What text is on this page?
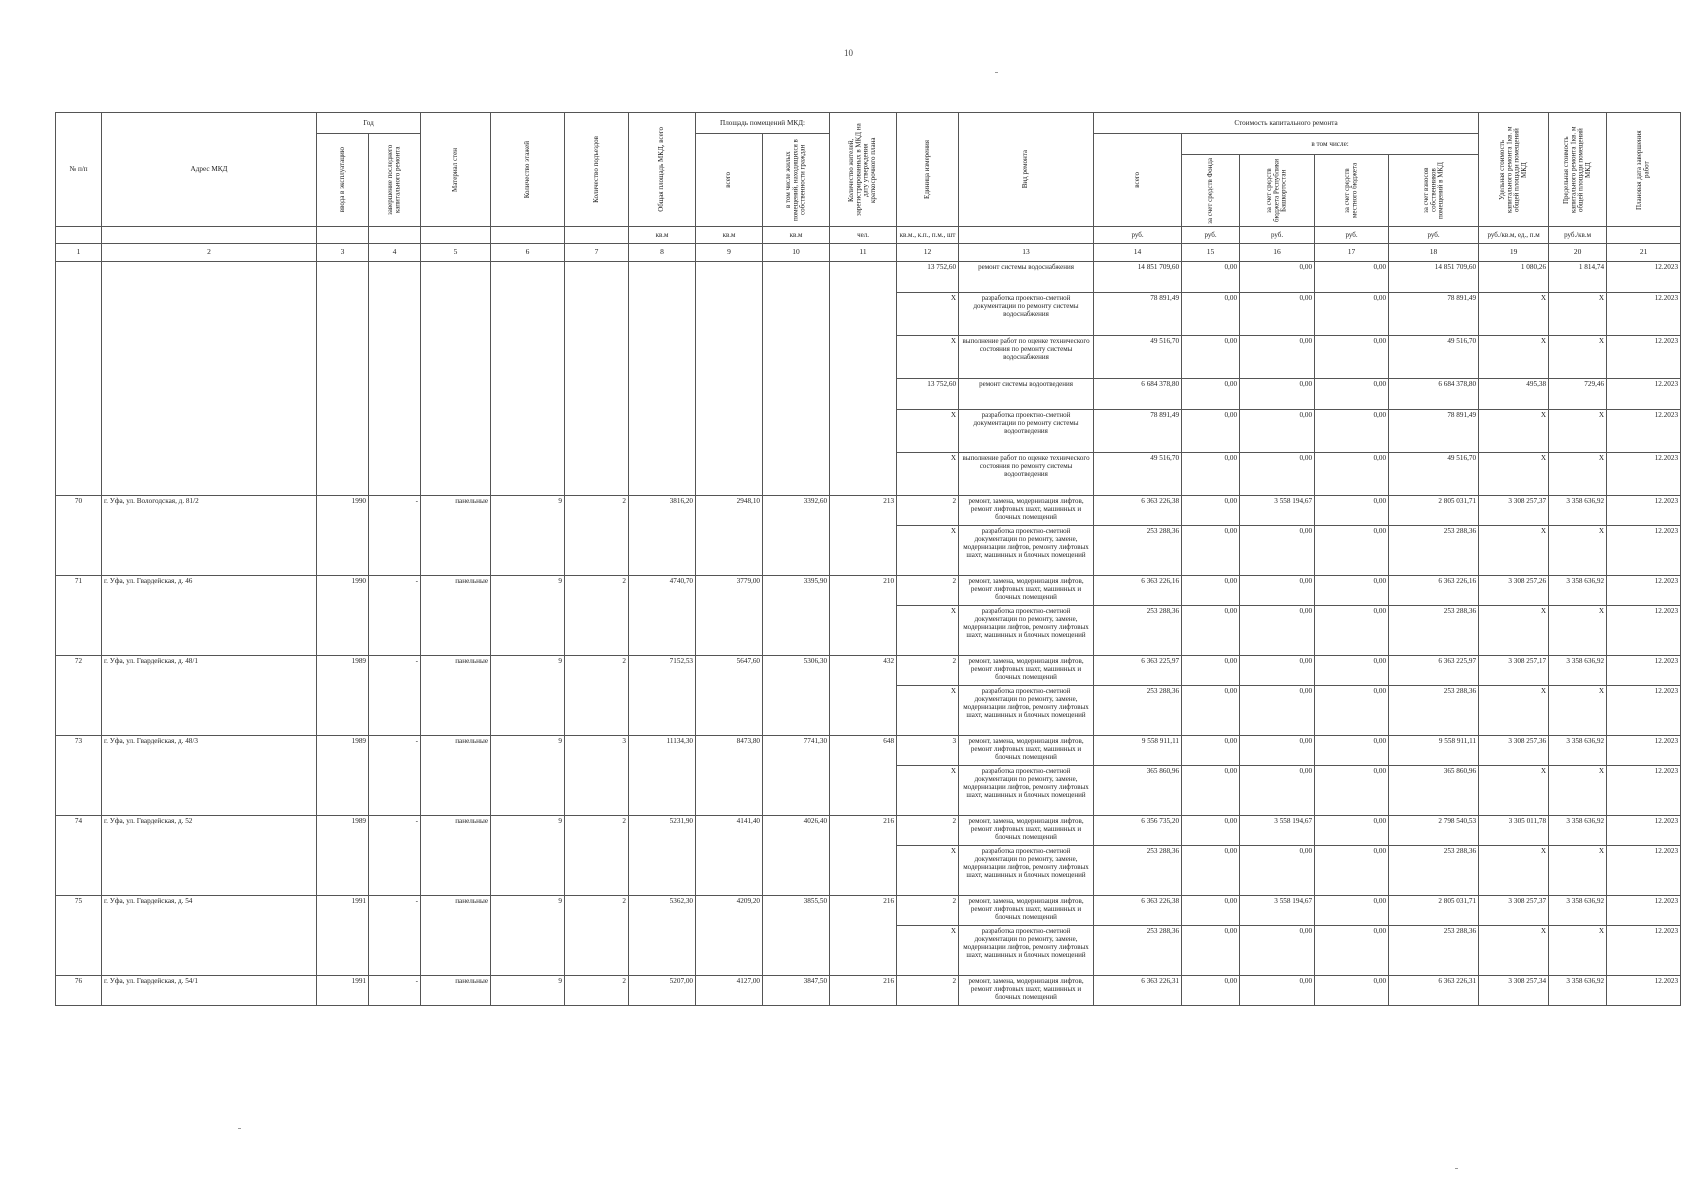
10
№ п/п	Адрес МКД	Год		Материал стен	Количество этажей	Количество подъездов	Общая площадь МКД, всего	Площадь помещений МКД:		Количество жителей, зарегистрированных в МКД на дату утверждения краткосрочного плана	Единица измерения	Вид ремонта	Стоимость капитального ремонта					Удельная стоимость капитального ремонта 1кв. м общей площади помещений МКД	Предельная стоимость капитального ремонта 1кв. м общей площади помещений МКД	Плановая дата завершения работ

		ввода в эксплуатацию	завершение последнего капитального ремонта					всего	в том числе жилых помещений, находящихся в собственности граждан				всего	в том числе:						

														за счет средств Фонда	за счет средств бюджета Республики Башкортостан	за счет средств местного бюджета	за счет взносов собственников помещений в МКД			

							кв.м	кв.м	кв.м	чел.	кв.м., к.п., п.м., шт		руб.	руб.	руб.	руб.	руб.	руб./кв.м, ед., п.м	руб./кв.м	
1	2	3	4	5	6	7	8	9	10	11	12	13	14	15	16	17	18	19	20	21
											13 752,60	ремонт системы водоснабжения	14 851 709,60	0,00	0,00	0,00	14 851 709,60	1 080,26	1 814,74	12.2023
											X	разработка проектно-сметной документации по ремонту системы водоснабжения	78 891,49	0,00	0,00	0,00	78 891,49	X	X	12.2023
											X	выполнение работ по оценке технического состояния по ремонту системы водоснабжения	49 516,70	0,00	0,00	0,00	49 516,70	X	X	12.2023
											13 752,60	ремонт системы водоотведения	6 684 378,80	0,00	0,00	0,00	6 684 378,80	495,38	729,46	12.2023
											X	разработка проектно-сметной документации по ремонту системы водоотведения	78 891,49	0,00	0,00	0,00	78 891,49	X	X	12.2023
											X	выполнение работ по оценке технического состояния по ремонту системы водоотведения	49 516,70	0,00	0,00	0,00	49 516,70	X	X	12.2023
70	г. Уфа, ул. Вологодская, д. 81/2	1990	-	панельные	9	2	3816,20	2948,10	3392,60	213	2	ремонт, замена, модернизация лифтов, ремонт лифтовых шахт, машинных и блочных помещений	6 363 226,38	0,00	3 558 194,67	0,00	2 805 031,71	3 308 257,37	3 358 636,92	12.2023
											X	разработка проектно-сметной документации по ремонту, замене, модернизации лифтов, ремонту лифтовых шахт, машинных и блочных помещений	253 288,36	0,00	0,00	0,00	253 288,36	X	X	12.2023
71	г. Уфа, ул. Гвардейская, д. 46	1990	-	панельные	9	2	4740,70	3779,00	3395,90	210	2	ремонт, замена, модернизация лифтов, ремонт лифтовых шахт, машинных и блочных помещений	6 363 226,16	0,00	0,00	0,00	6 363 226,16	3 308 257,26	3 358 636,92	12.2023
											X	разработка проектно-сметной документации по ремонту, замене, модернизации лифтов, ремонту лифтовых шахт, машинных и блочных помещений	253 288,36	0,00	0,00	0,00	253 288,36	X	X	12.2023
72	г. Уфа, ул. Гвардейская, д. 48/1	1989	-	панельные	9	2	7152,53	5647,60	5306,30	432	2	ремонт, замена, модернизация лифтов, ремонт лифтовых шахт, машинных и блочных помещений	6 363 225,97	0,00	0,00	0,00	6 363 225,97	3 308 257,17	3 358 636,92	12.2023
											X	разработка проектно-сметной документации по ремонту, замене, модернизации лифтов, ремонту лифтовых шахт, машинных и блочных помещений	253 288,36	0,00	0,00	0,00	253 288,36	X	X	12.2023
73	г. Уфа, ул. Гвардейская, д. 48/3	1989	-	панельные	9	3	11134,30	8473,80	7741,30	648	3	ремонт, замена, модернизация лифтов, ремонт лифтовых шахт, машинных и блочных помещений	9 558 911,11	0,00	0,00	0,00	9 558 911,11	3 308 257,36	3 358 636,92	12.2023
											X	разработка проектно-сметной документации по ремонту, замене, модернизации лифтов, ремонту лифтовых шахт, машинных и блочных помещений	365 860,96	0,00	0,00	0,00	365 860,96	X	X	12.2023
74	г. Уфа, ул. Гвардейская, д. 52	1989	-	панельные	9	2	5231,90	4141,40	4026,40	216	2	ремонт, замена, модернизация лифтов, ремонт лифтовых шахт, машинных и блочных помещений	6 356 735,20	0,00	3 558 194,67	0,00	2 798 540,53	3 305 011,78	3 358 636,92	12.2023
											X	разработка проектно-сметной документации по ремонту, замене, модернизации лифтов, ремонту лифтовых шахт, машинных и блочных помещений	253 288,36	0,00	0,00	0,00	253 288,36	X	X	12.2023
75	г. Уфа, ул. Гвардейская, д. 54	1991	-	панельные	9	2	5362,30	4209,20	3855,50	216	2	ремонт, замена, модернизация лифтов, ремонт лифтовых шахт, машинных и блочных помещений	6 363 226,38	0,00	3 558 194,67	0,00	2 805 031,71	3 308 257,37	3 358 636,92	12.2023
											X	разработка проектно-сметной документации по ремонту, замене, модернизации лифтов, ремонту лифтовых шахт, машинных и блочных помещений	253 288,36	0,00	0,00	0,00	253 288,36	X	X	12.2023
76	г. Уфа, ул. Гвардейская, д. 54/1	1991	-	панельные	9	2	5207,00	4127,00	3847,50	216	2	ремонт, замена, модернизация лифтов, ремонт лифтовых шахт, машинных и блочных помещений	6 363 226,31	0,00	0,00	0,00	6 363 226,31	3 308 257,34	3 358 636,92	12.2023
